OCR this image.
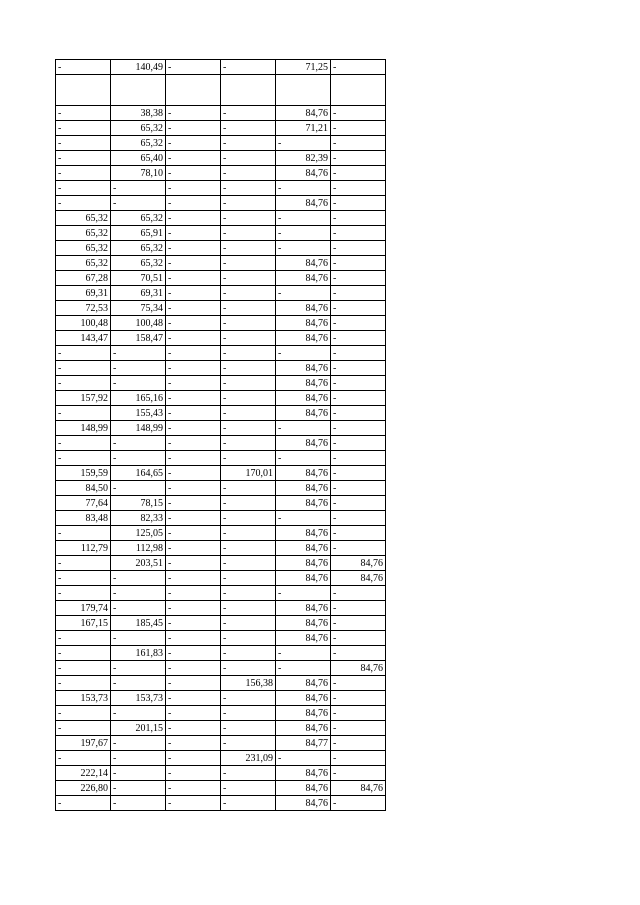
-	140,49	-	-	71,25	-

-	38,38	-	-	84,76	-
-	65,32	-	-	71,21	-
-	65,32	-	-	-	-
-	65,40	-	-	82,39	-
-	78,10	-	-	84,76	-
-	-	-	-	-	-
-	-	-	-	84,76	-
65,32	65,32	-	-	-	-
65,32	65,91	-	-	-	-
65,32	65,32	-	-	-	-
65,32	65,32	-	-	84,76	-
67,28	70,51	-	-	84,76	-
69,31	69,31	-	-	-	-
72,53	75,34	-	-	84,76	-
100,48	100,48	-	-	84,76	-
143,47	158,47	-	-	84,76	-
-	-	-	-	-	-
-	-	-	-	84,76	-
-	-	-	-	84,76	-
157,92	165,16	-	-	84,76	-
-	155,43	-	-	84,76	-
148,99	148,99	-	-	-	-
-	-	-	-	84,76	-
-	-	-	-	-	-
159,59	164,65	-	170,01	84,76	-
84,50	-	-	-	84,76	-
77,64	78,15	-	-	84,76	-
83,48	82,33	-	-	-	-
-	125,05	-	-	84,76	-
112,79	112,98	-	-	84,76	-
-	203,51	-	-	84,76	84,76
-	-	-	-	84,76	84,76
-	-	-	-	-	-
179,74	-	-	-	84,76	-
167,15	185,45	-	-	84,76	-
-	-	-	-	84,76	-
-	161,83	-	-	-	-
-	-	-	-	-	84,76
-	-	-	156,38	84,76	-
153,73	153,73	-	-	84,76	-
-	-	-	-	84,76	-
-	201,15	-	-	84,76	-
197,67	-	-	-	84,77	-
-	-	-	231,09	-	-
222,14	-	-	-	84,76	-
226,80	-	-	-	84,76	84,76
-	-	-	-	84,76	-
